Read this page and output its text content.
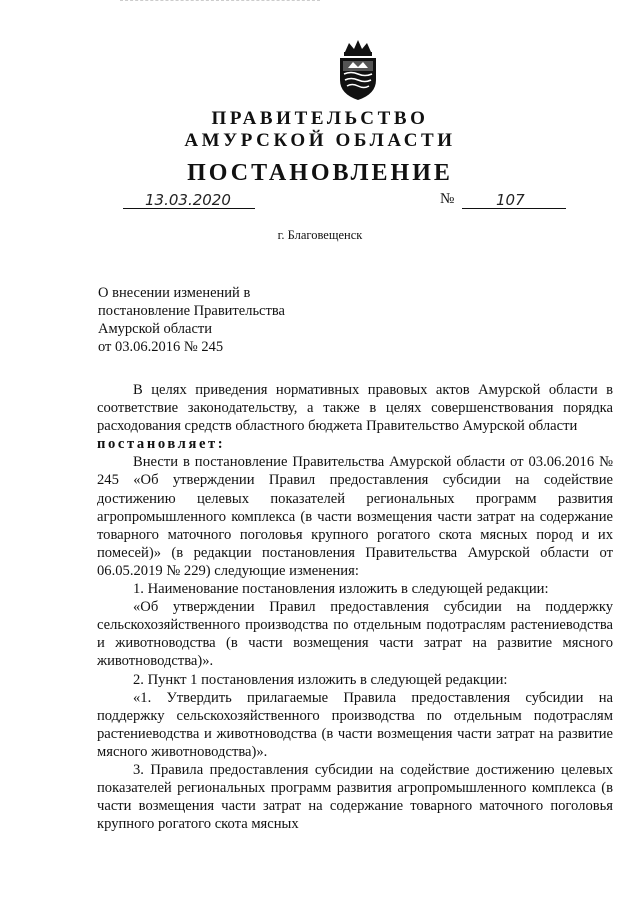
ПРАВИТЕЛЬСТВО
АМУРСКОЙ ОБЛАСТИ
ПОСТАНОВЛЕНИЕ
13.03.2020	№	107
г. Благовещенск
О внесении изменений в
постановление Правительства
Амурской области
от 03.06.2016 № 245

В целях приведения нормативных правовых актов Амурской области в соответствие законодательству, а также в целях совершенствования порядка расходования средств областного бюджета Правительство Амурской области

постановляет:

Внести в постановление Правительства Амурской области от 03.06.2016 № 245 «Об утверждении Правил предоставления субсидии на содействие достижению целевых показателей региональных программ развития агропромышленного комплекса (в части возмещения части затрат на содержание товарного маточного поголовья крупного рогатого скота мясных пород и их помесей)» (в редакции постановления Правительства Амурской области от 06.05.2019 № 229) следующие изменения:

1. Наименование постановления изложить в следующей редакции:

«Об утверждении Правил предоставления субсидии на поддержку сельскохозяйственного производства по отдельным подотраслям растениеводства и животноводства (в части возмещения части затрат на развитие мясного животноводства)».

2. Пункт 1 постановления изложить в следующей редакции:

«1. Утвердить прилагаемые Правила предоставления субсидии на поддержку сельскохозяйственного производства по отдельным подотраслям растениеводства и животноводства (в части возмещения части затрат на развитие мясного животноводства)».

3. Правила предоставления субсидии на содействие достижению целевых показателей региональных программ развития агропромышленного комплекса (в части возмещения части затрат на содержание товарного маточного поголовья крупного рогатого скота мясных
